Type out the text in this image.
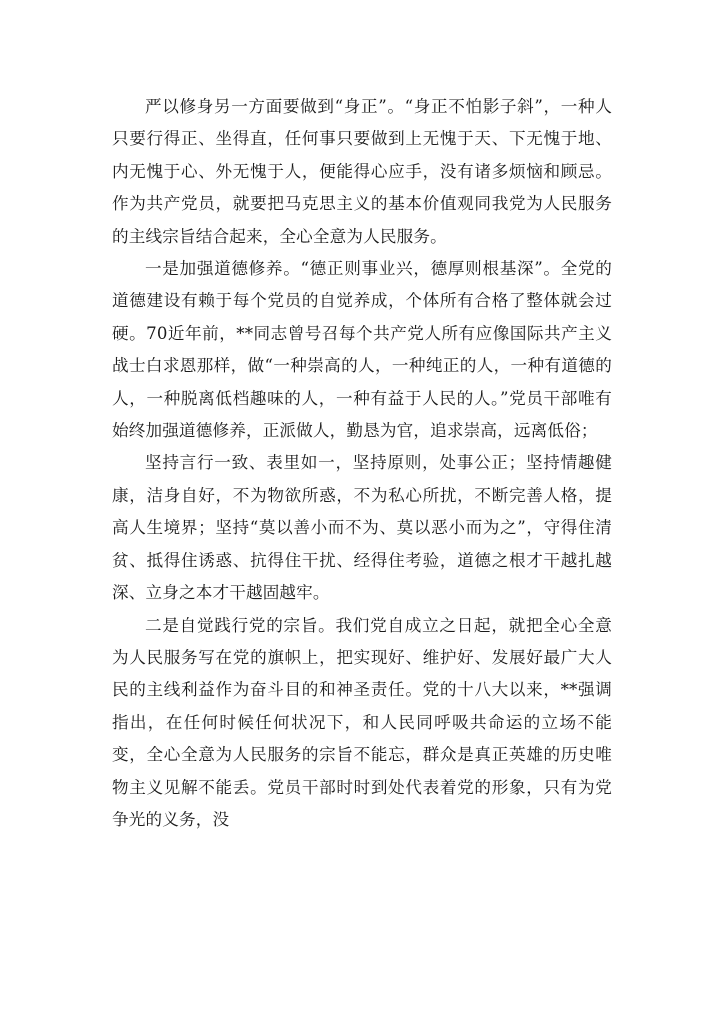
严以修身另一方面要做到“身正”。“身正不怕影子斜”，一种人只要行得正、坐得直，任何事只要做到上无愧于天、下无愧于地、内无愧于心、外无愧于人，便能得心应手，没有诸多烦恼和顾忌。作为共产党员，就要把马克思主义的基本价值观同我党为人民服务的主线宗旨结合起来，全心全意为人民服务。

一是加强道德修养。“德正则事业兴，德厚则根基深”。全党的道德建设有赖于每个党员的自觉养成，个体所有合格了整体就会过硬。70近年前，**同志曾号召每个共产党人所有应像国际共产主义战士白求恩那样，做“一种崇高的人，一种纯正的人，一种有道德的人，一种脱离低档趣味的人，一种有益于人民的人。”党员干部唯有始终加强道德修养，正派做人，勤恳为官，追求崇高，远离低俗；

坚持言行一致、表里如一，坚持原则，处事公正；坚持情趣健康，洁身自好，不为物欲所惑，不为私心所扰，不断完善人格，提高人生境界；坚持“莫以善小而不为、莫以恶小而为之”，守得住清贫、抵得住诱惑、抗得住干扰、经得住考验，道德之根才干越扎越深、立身之本才干越固越牢。

二是自觉践行党的宗旨。我们党自成立之日起，就把全心全意为人民服务写在党的旗帜上，把实现好、维护好、发展好最广大人民的主线利益作为奋斗目的和神圣责任。党的十八大以来，**强调指出，在任何时候任何状况下，和人民同呼吸共命运的立场不能变，全心全意为人民服务的宗旨不能忘，群众是真正英雄的历史唯物主义见解不能丢。党员干部时时到处代表着党的形象，只有为党争光的义务，没
